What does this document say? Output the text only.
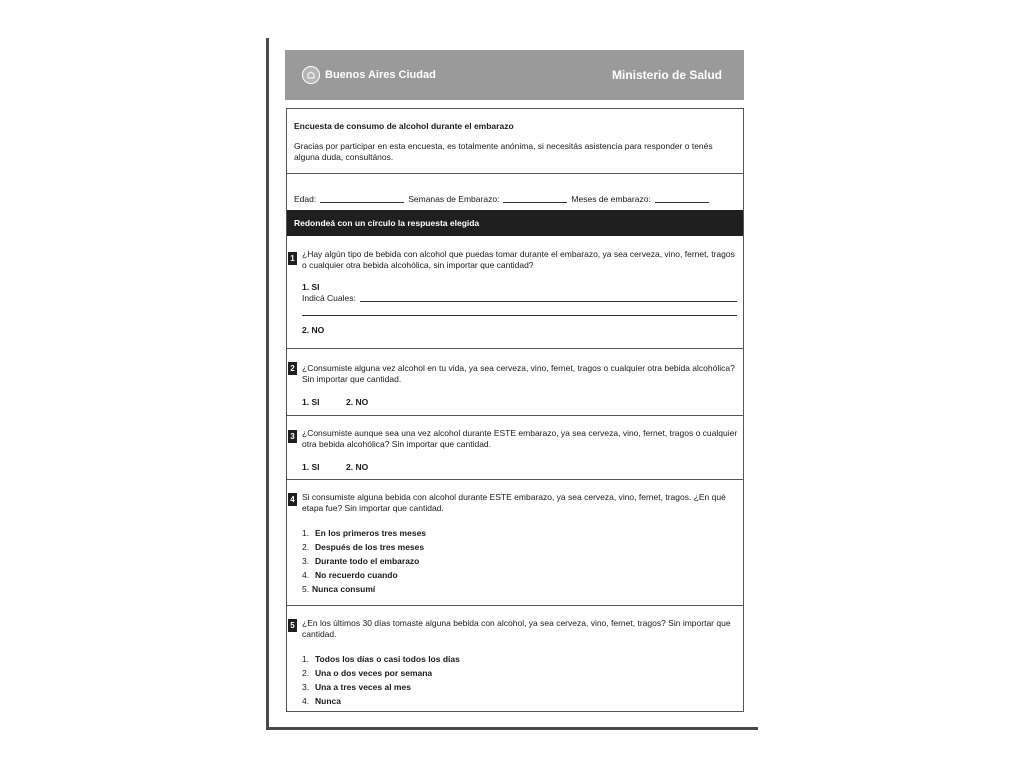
Buenos Aires Ciudad	Ministerio de Salud
Encuesta de consumo de alcohol durante el embarazo
Gracias por participar en esta encuesta, es totalmente anónima, si necesitás asistencia para responder o tenés alguna duda, consultános.
Edad:	Semanas de Embarazo:	Meses de embarazo:
Redondeá con un círculo la respuesta elegida
1 ¿Hay algún tipo de bebida con alcohol que puedas tomar durante el embarazo, ya sea cerveza, vino, fernet, tragos o cualquier otra bebida alcohólica, sin importar que cantidad?
1. SI
Indicá Cuales:
2. NO
2 ¿Consumiste alguna vez alcohol en tu vida, ya sea cerveza, vino, fernet, tragos o cualquier otra bebida alcohólica? Sin importar que cantidad.
1. SI	2. NO
3 ¿Consumiste aunque sea una vez alcohol durante ESTE embarazo, ya sea cerveza, vino, fernet, tragos o cualquier otra bebida alcohólica? Sin importar que cantidad.
1. SI	2. NO
4 Si consumiste alguna bebida con alcohol durante ESTE embarazo, ya sea cerveza, vino, fernet, tragos. ¿En qué etapa fue? Sin importar que cantidad.
1. En los primeros tres meses
2. Después de los tres meses
3. Durante todo el embarazo
4. No recuerdo cuando
5. Nunca consumí
5 ¿En los últimos 30 días tomaste alguna bebida con alcohol, ya sea cerveza, vino, fernet, tragos? Sin importar que cantidad.
1. Todos los días o casi todos los días
2. Una o dos veces por semana
3. Una a tres veces al mes
4. Nunca
